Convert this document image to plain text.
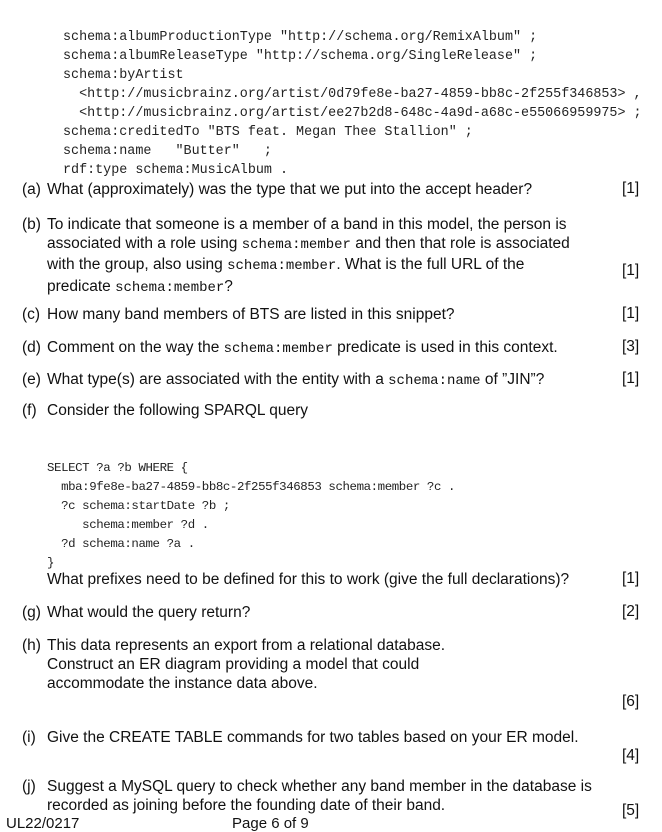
schema:albumProductionType "http://schema.org/RemixAlbum" ;
schema:albumReleaseType "http://schema.org/SingleRelease" ;
schema:byArtist
<http://musicbrainz.org/artist/0d79fe8e-ba27-4859-bb8c-2f255f346853> ,
<http://musicbrainz.org/artist/ee27b2d8-648c-4a9d-a68c-e55066959975> ;
schema:creditedTo "BTS feat. Megan Thee Stallion" ;
schema:name   "Butter"   ;
rdf:type schema:MusicAlbum .

(a) What (approximately) was the type that we put into the accept header?	[1]
(b) To indicate that someone is a member of a band in this model, the person is associated with a role using schema:member and then that role is associated with the group, also using schema:member. What is the full URL of the predicate schema:member?
[1]
(c) How many band members of BTS are listed in this snippet?	[1]
(d) Comment on the way the schema:member predicate is used in this context.	[3]
(e) What type(s) are associated with the entity with a schema:name of ”JIN”?	[1]
(f) Consider the following SPARQL query

SELECT ?a ?b WHERE {
mba:9fe8e-ba27-4859-bb8c-2f255f346853 schema:member ?c .
?c schema:startDate ?b ;
schema:member ?d .
?d schema:name ?a .
}

What prefixes need to be defined for this to work (give the full declarations)?	[1]
(g) What would the query return?	[2]
(h) This data represents an export from a relational database. Construct an ER diagram providing a model that could accommodate the instance data above.
[6]
(i) Give the CREATE TABLE commands for two tables based on your ER model.
[4]
(j) Suggest a MySQL query to check whether any band member in the database is recorded as joining before the founding date of their band.	[5]
UL22/0217	Page 6 of 9
